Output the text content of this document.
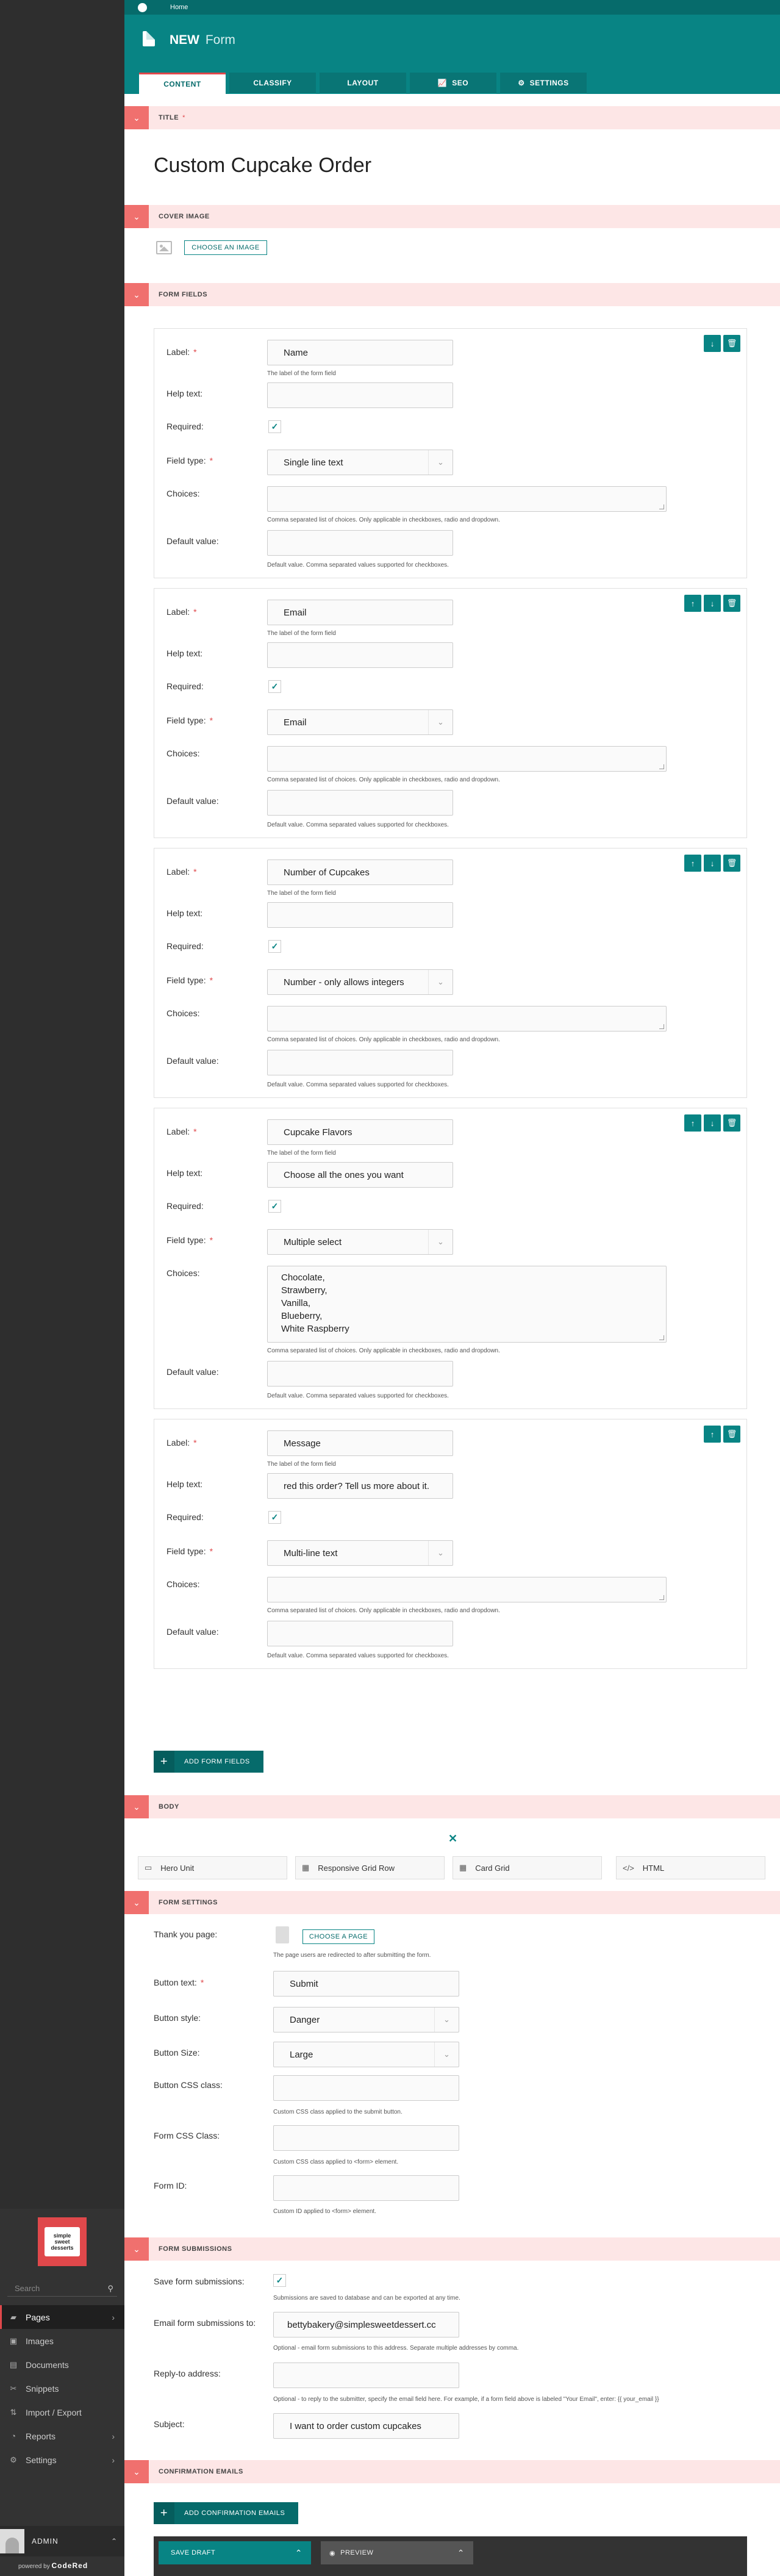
simple
sweet
desserts
Search
⚲
▰ Pages	›
▣ Images
▤ Documents
✂ Snippets
⇅ Import / Export
◔ Reports	›
⚙ Settings	›
ADMIN	⌃
powered by CodeRed
Home
NEW Form
CONTENT	CLASSIFY	LAYOUT	📈 SEO	⚙ SETTINGS
⌄	TITLE *
Custom Cupcake Order
⌄	COVER IMAGE
CHOOSE AN IMAGE
⌄	FORM FIELDS
↓	🗑
Label: *	Name
The label of the form field
Help text:
Required:	✓
Field type: *	Single line text	⌄
Choices:
Comma separated list of choices. Only applicable in checkboxes, radio and dropdown.
Default value:
Default value. Comma separated values supported for checkboxes.
↑	↓	🗑
Label: *	Email
The label of the form field
Help text:
Required:	✓
Field type: *	Email	⌄
Choices:
Comma separated list of choices. Only applicable in checkboxes, radio and dropdown.
Default value:
Default value. Comma separated values supported for checkboxes.
↑	↓	🗑
Label: *	Number of Cupcakes
The label of the form field
Help text:
Required:	✓
Field type: *	Number - only allows integers	⌄
Choices:
Comma separated list of choices. Only applicable in checkboxes, radio and dropdown.
Default value:
Default value. Comma separated values supported for checkboxes.
↑	↓	🗑
Label: *	Cupcake Flavors
The label of the form field
Help text:	Choose all the ones you want
Required:	✓
Field type: *	Multiple select	⌄
Choices:	Chocolate,
Strawberry,
Vanilla,
Blueberry,
White Raspberry
Comma separated list of choices. Only applicable in checkboxes, radio and dropdown.
Default value:
Default value. Comma separated values supported for checkboxes.
↑	🗑
Label: *	Message
The label of the form field
Help text:	red this order? Tell us more about it.
Required:	✓
Field type: *	Multi-line text	⌄
Choices:
Comma separated list of choices. Only applicable in checkboxes, radio and dropdown.
Default value:
Default value. Comma separated values supported for checkboxes.
+	ADD FORM FIELDS
⌄	BODY
✕
▭ Hero Unit	▦ Responsive Grid Row	▦ Card Grid	</> HTML
⌄	FORM SETTINGS
Thank you page:	CHOOSE A PAGE
The page users are redirected to after submitting the form.
Button text: *	Submit
Button style:	Danger	⌄
Button Size:	Large	⌄
Button CSS class:
Custom CSS class applied to the submit button.
Form CSS Class:
Custom CSS class applied to <form> element.
Form ID:
Custom ID applied to <form> element.
⌄	FORM SUBMISSIONS
Save form submissions:	✓
Submissions are saved to database and can be exported at any time.
Email form submissions to:	bettybakery@simplesweetdessert.cc
Optional - email form submissions to this address. Separate multiple addresses by comma.
Reply-to address:
Optional - to reply to the submitter, specify the email field here. For example, if a form field above is labeled "Your Email", enter: {{ your_email }}
Subject:	I want to order custom cupcakes
⌄	CONFIRMATION EMAILS
+	ADD CONFIRMATION EMAILS
SAVE DRAFT	⌃	◉ PREVIEW	⌃
